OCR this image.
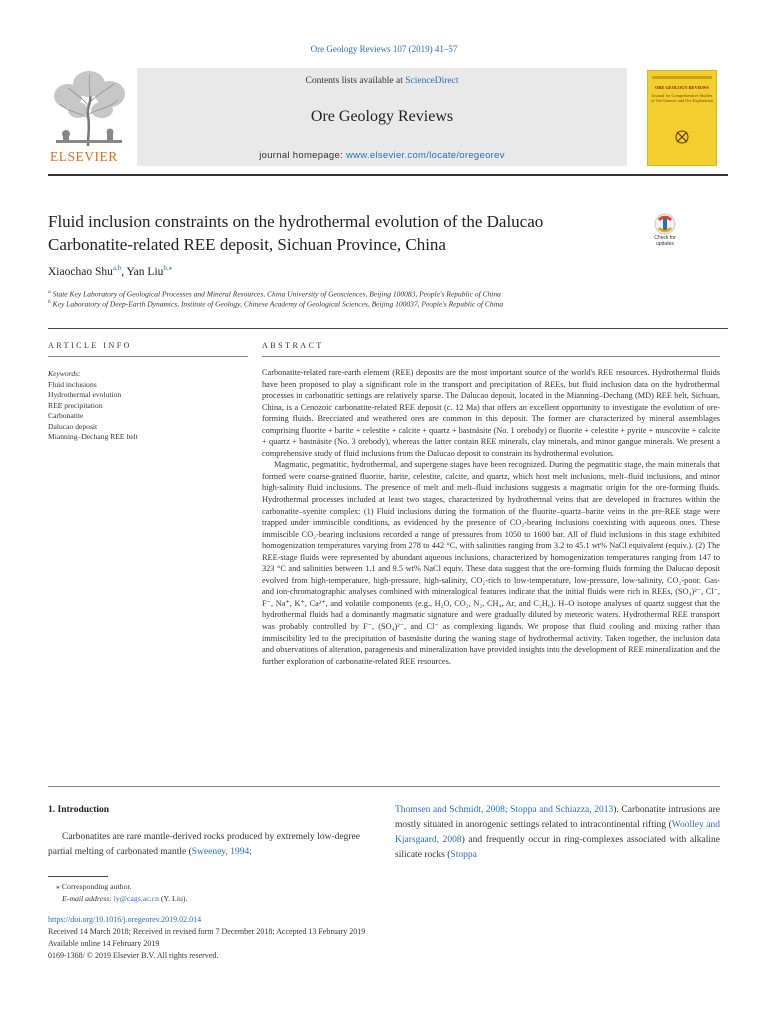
Ore Geology Reviews 107 (2019) 41–57
ELSEVIER
Contents lists available at ScienceDirect
Ore Geology Reviews
journal homepage: www.elsevier.com/locate/oregeorev
ORE GEOLOGY REVIEWS
Journal for Comprehensive Studies of Ore Genesis and Ore Exploration
Fluid inclusion constraints on the hydrothermal evolution of the Dalucao
Carbonatite-related REE deposit, Sichuan Province, China	Check for updates
Xiaochao Shu$^{a,b}$, Yan Liu$^{b,⁎}$
$^a$ State Key Laboratory of Geological Processes and Mineral Resources, China University of Geosciences, Beijing 100083, People's Republic of China
$^b$ Key Laboratory of Deep-Earth Dynamics, Institute of Geology, Chinese Academy of Geological Sciences, Beijing 100037, People's Republic of China
ARTICLE INFO
Keywords:
Fluid inclusions
Hydrothermal evolution
REE precipitation
Carbonatite
Dalucao deposit
Mianning–Dechang REE belt
ABSTRACT

Carbonatite-related rare-earth element (REE) deposits are the most important source of the world's REE resources. Hydrothermal fluids have been proposed to play a significant role in the transport and precipitation of REEs, but fluid inclusion data on the hydrothermal processes in carbonatitic settings are relatively sparse. The Dalucao deposit, located in the Mianning–Dechang (MD) REE belt, Sichuan, China, is a Cenozoic carbonatite-related REE deposit (c. 12 Ma) that offers an excellent opportunity to investigate the evolution of ore-forming fluids. Brecciated and weathered ores are common in this deposit. The former are characterized by mineral assemblages comprising fluorite + barite + celestite + calcite + quartz + bastnäsite (No. 1 orebody) or fluorite + celestite + pyrite + muscovite + calcite + quartz + bastnäsite (No. 3 orebody), whereas the latter contain REE minerals, clay minerals, and minor gangue minerals. We present a comprehensive study of fluid inclusions from the Dalucao deposit to constrain its hydrothermal evolution.

Magmatic, pegmatitic, hydrothermal, and supergene stages have been recognized. During the pegmatitic stage, the main minerals that formed were coarse-grained fluorite, barite, celestite, calcite, and quartz, which host melt inclusions, melt–fluid inclusions, and minor high-salinity fluid inclusions. The presence of melt and melt–fluid inclusions suggests a magmatic origin for the ore-forming fluids. Hydrothermal processes included at least two stages, characterized by hydrothermal veins that are developed in fractures within the carbonatite–syenite complex: (1) Fluid inclusions during the formation of the fluorite–quartz–barite veins in the pre-REE stage were trapped under immiscible conditions, as evidenced by the presence of CO₂-bearing inclusions coexisting with aqueous ones. These immiscible CO₂-bearing inclusions recorded a range of pressures from 1050 to 1600 bar. All of fluid inclusions in this stage exhibited homogenization temperatures varying from 278 to 442 °C, with salinities ranging from 3.2 to 45.1 wt% NaCl equivalent (equiv.). (2) The REE-stage fluids were represented by abundant aqueous inclusions, characterized by homogenization temperatures ranging from 147 to 323 °C and salinities between 1.1 and 9.5 wt% NaCl equiv. These data suggest that the ore-forming fluids forming the Dalucao deposit evolved from high-temperature, high-pressure, high-salinity, CO₂-rich to low-temperature, low-pressure, low-salinity, CO₂-poor. Gas- and ion-chromatographic analyses combined with mineralogical features indicate that the initial fluids were rich in REEs, (SO₄)²⁻, Cl⁻, F⁻, Na⁺, K⁺, Ca²⁺, and volatile components (e.g., H₂O, CO₂, N₂, CH₄, Ar, and C₂H₆). H–O isotope analyses of quartz suggest that the hydrothermal fluids had a dominantly magmatic signature and were gradually diluted by meteoric waters. Hydrothermal REE transport was probably controlled by F⁻, (SO₄)²⁻, and Cl⁻ as complexing ligands. We propose that fluid cooling and mixing rather than immiscibility led to the precipitation of bastnäsite during the waning stage of hydrothermal activity. Taken together, the inclusion data and observations of alteration, paragenesis and mineralization have provided insights into the development of REE mineralization and the further exploration of carbonatite-related REE resources.

1. Introduction

Carbonatites are rare mantle-derived rocks produced by extremely low-degree partial melting of carbonated mantle (Sweeney, 1994;

Thomsen and Schmidt, 2008; Stoppa and Schiazza, 2013). Carbonatite intrusions are mostly situated in anorogenic settings related to intracontinental rifting (Woolley and Kjarsgaard, 2008) and frequently occur in ring-complexes associated with alkaline silicate rocks (Stoppa

⁎ Corresponding author.
E-mail address: ly@cags.ac.cn (Y. Liu).
https://doi.org/10.1016/j.oregeorev.2019.02.014
Received 14 March 2018; Received in revised form 7 December 2018; Accepted 13 February 2019
Available online 14 February 2019
0169-1368/ © 2019 Elsevier B.V. All rights reserved.
